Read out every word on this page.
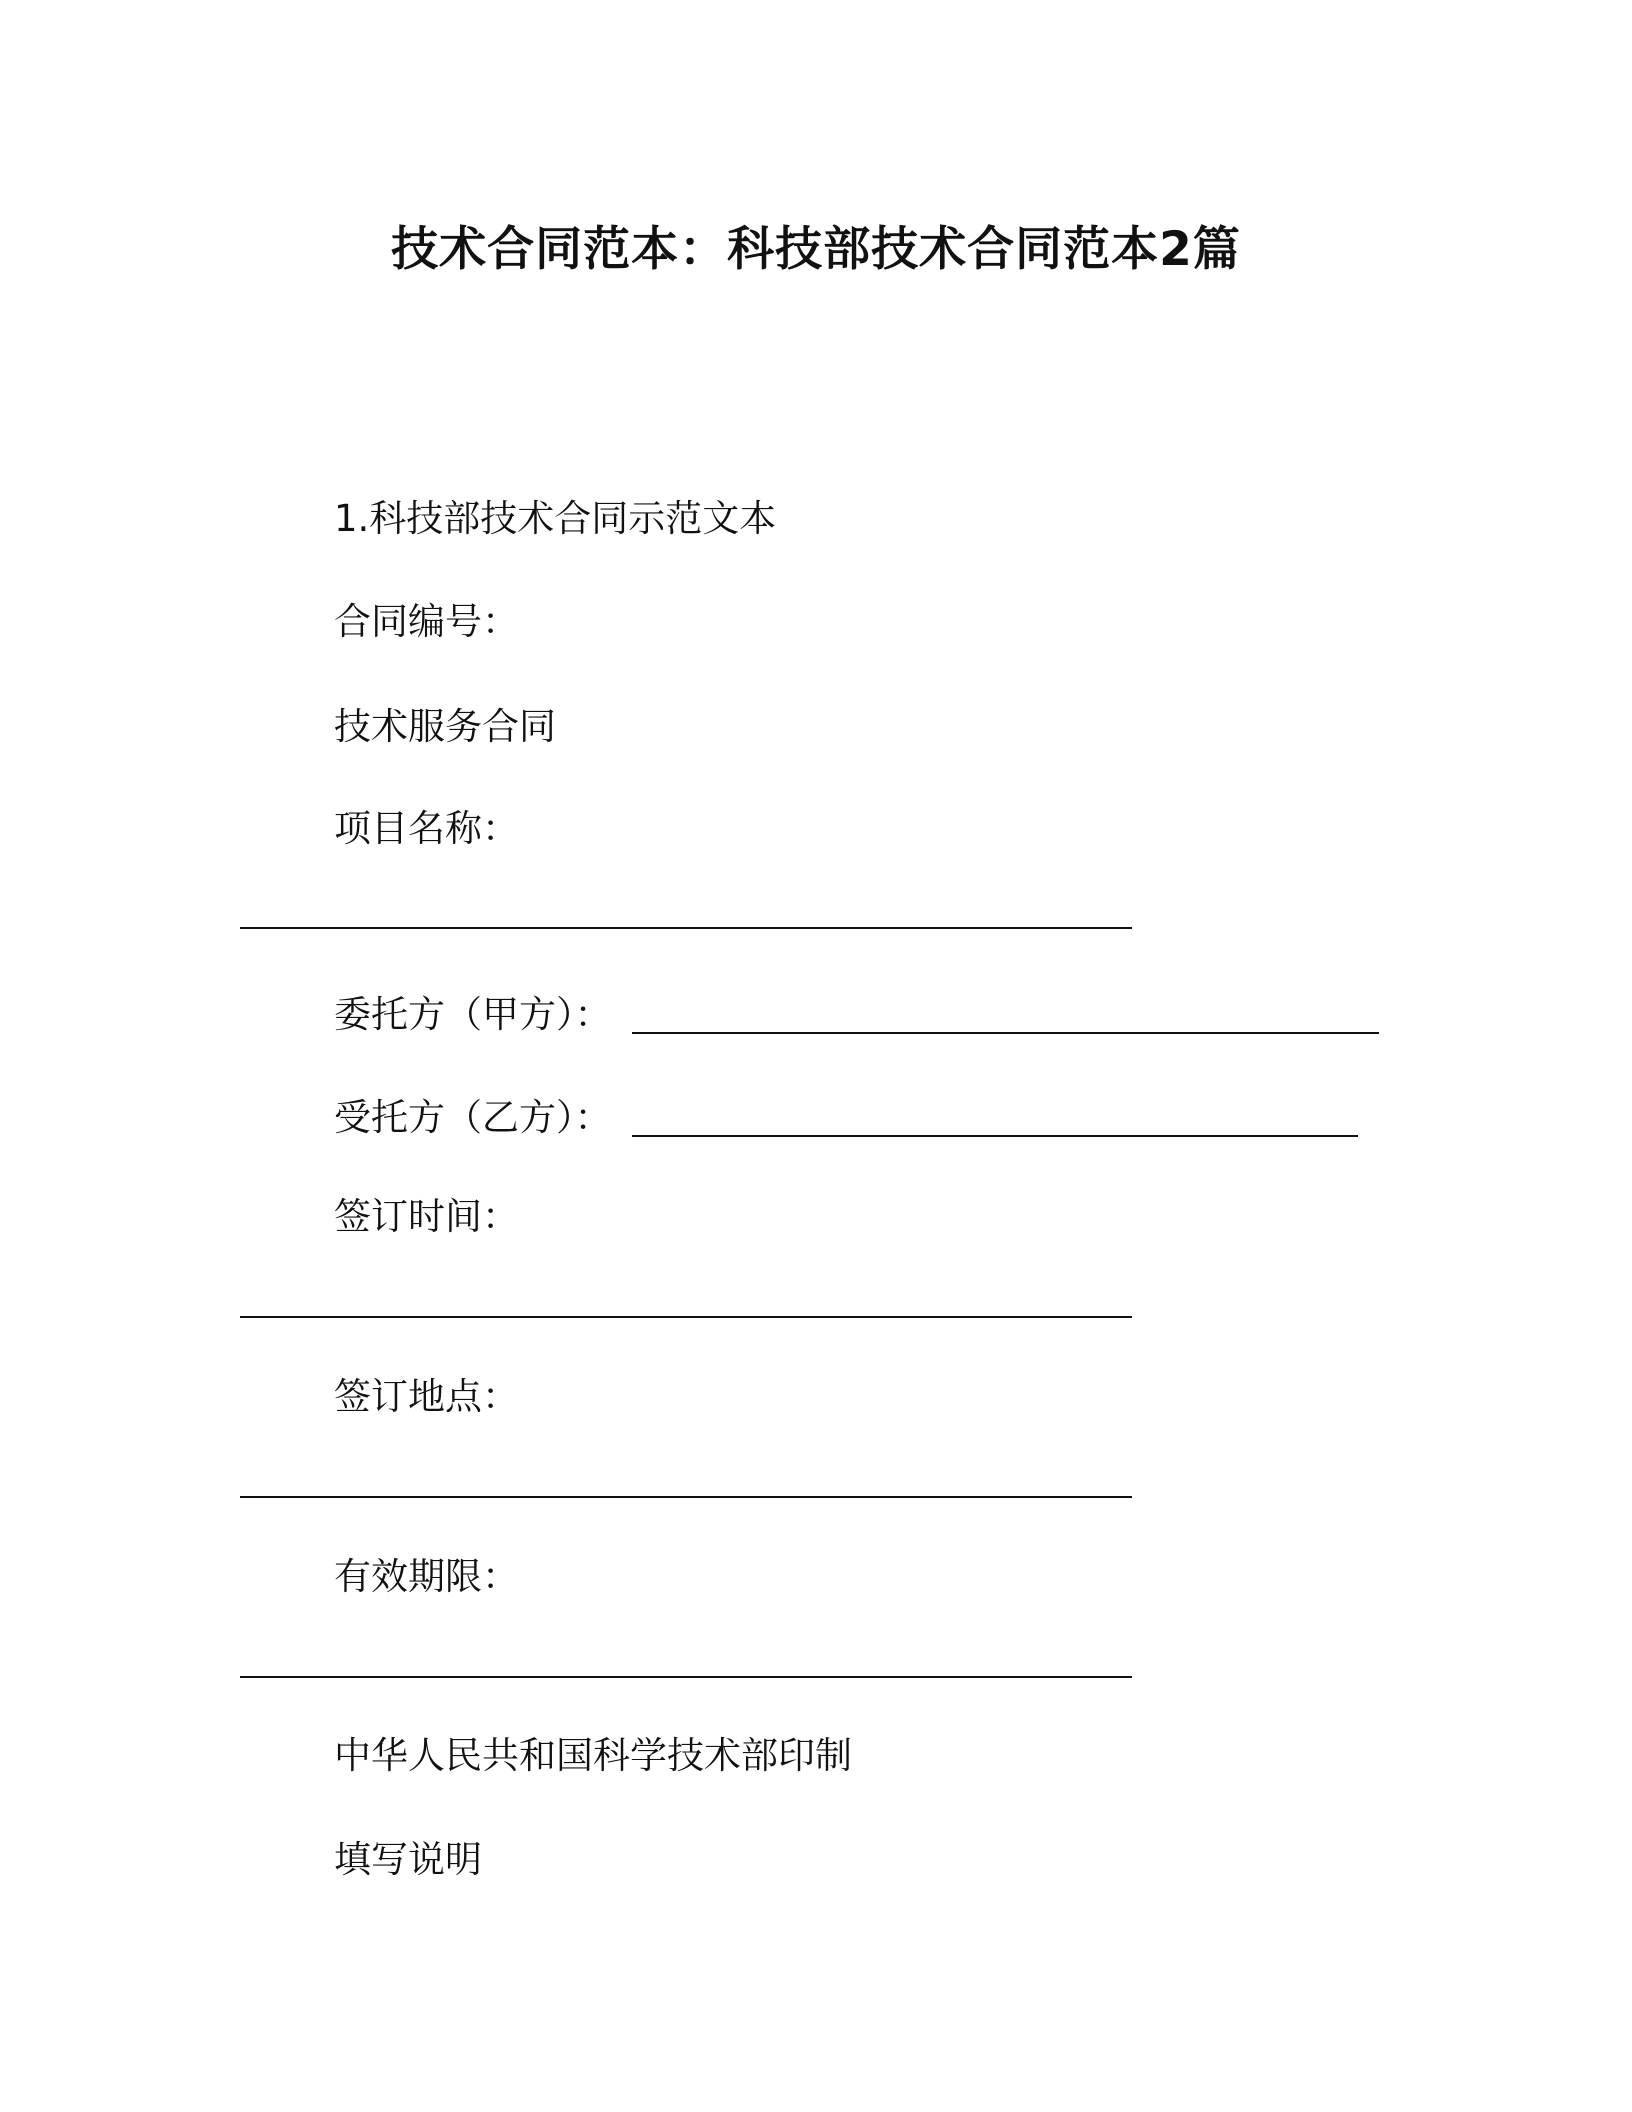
技术合同范本：科技部技术合同范本2篇
1.科技部技术合同示范文本
合同编号：
技术服务合同
项目名称：
委托方（甲方）：
受托方（乙方）：
签订时间：
签订地点：
有效期限：
中华人民共和国科学技术部印制
填写说明
